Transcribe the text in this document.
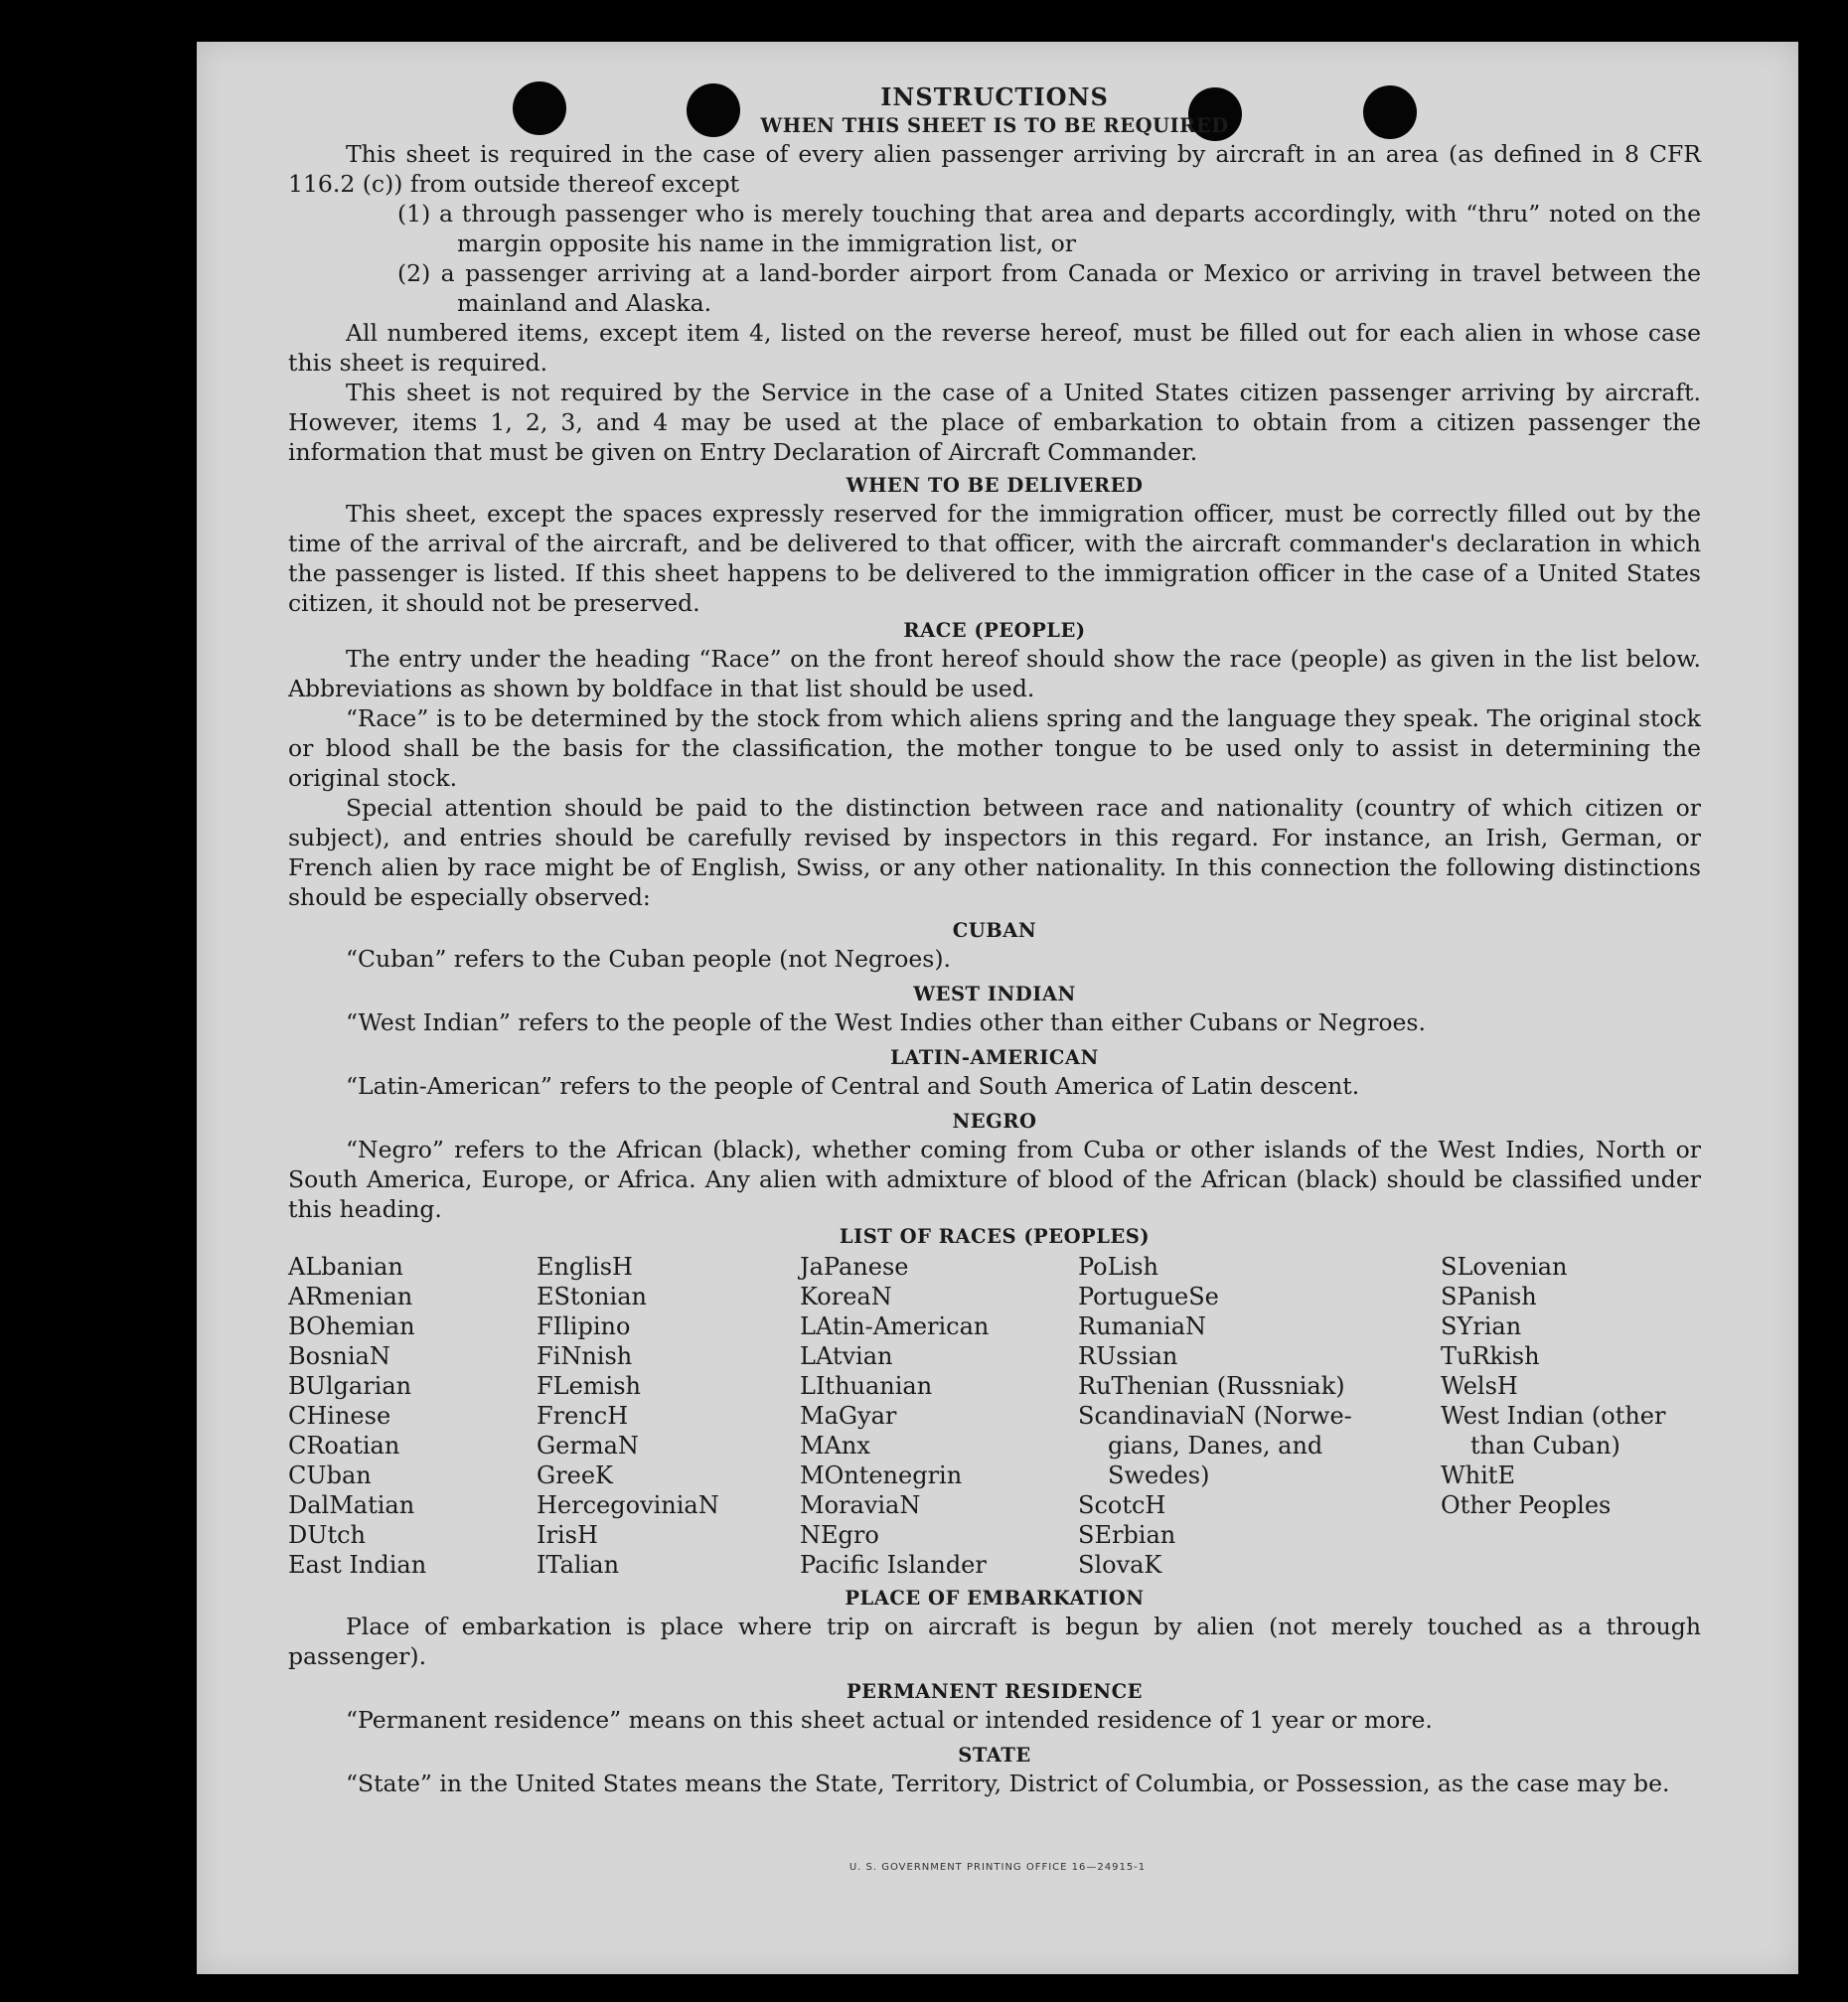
INSTRUCTIONS
WHEN THIS SHEET IS TO BE REQUIRED

This sheet is required in the case of every alien passenger arriving by aircraft in an area (as defined in 8 CFR 116.2 (c)) from outside thereof except

(1) a through passenger who is merely touching that area and departs accordingly, with “thru” noted on the margin opposite his name in the immigration list, or

(2) a passenger arriving at a land-border airport from Canada or Mexico or arriving in travel between the mainland and Alaska.

All numbered items, except item 4, listed on the reverse hereof, must be filled out for each alien in whose case this sheet is required.

This sheet is not required by the Service in the case of a United States citizen passenger arriving by aircraft. However, items 1, 2, 3, and 4 may be used at the place of embarkation to obtain from a citizen passenger the information that must be given on Entry Declaration of Aircraft Commander.

WHEN TO BE DELIVERED

This sheet, except the spaces expressly reserved for the immigration officer, must be correctly filled out by the time of the arrival of the aircraft, and be delivered to that officer, with the aircraft commander's declaration in which the passenger is listed. If this sheet happens to be delivered to the immigration officer in the case of a United States citizen, it should not be preserved.

RACE (PEOPLE)

The entry under the heading “Race” on the front hereof should show the race (people) as given in the list below. Abbreviations as shown by boldface in that list should be used.

“Race” is to be determined by the stock from which aliens spring and the language they speak. The original stock or blood shall be the basis for the classification, the mother tongue to be used only to assist in determining the original stock.

Special attention should be paid to the distinction between race and nationality (country of which citizen or subject), and entries should be carefully revised by inspectors in this regard. For instance, an Irish, German, or French alien by race might be of English, Swiss, or any other nationality. In this connection the following distinctions should be especially observed:

CUBAN

“Cuban” refers to the Cuban people (not Negroes).

WEST INDIAN

“West Indian” refers to the people of the West Indies other than either Cubans or Negroes.

LATIN-AMERICAN

“Latin-American” refers to the people of Central and South America of Latin descent.

NEGRO

“Negro” refers to the African (black), whether coming from Cuba or other islands of the West Indies, North or South America, Europe, or Africa. Any alien with admixture of blood of the African (black) should be classified under this heading.

LIST OF RACES (PEOPLES)
ALbanian
ARmenian
BOhemian
BosniaN
BUlgarian
CHinese
CRoatian
CUban
DalMatian
DUtch
East Indian
EnglisH
EStonian
FIlipino
FiNnish
FLemish
FrencH
GermaN
GreeK
HercegoviniaN
IrisH
ITalian
JaPanese
KoreaN
LAtin-American
LAtvian
LIthuanian
MaGyar
MAnx
MOntenegrin
MoraviaN
NEgro
Pacific Islander
PoLish
PortugueSe
RumaniaN
RUssian
RuThenian (Russniak)
ScandinaviaN (Norwe-
gians, Danes, and
Swedes)
ScotcH
SErbian
SlovaK
SLovenian
SPanish
SYrian
TuRkish
WelsH
West Indian (other
than Cuban)
WhitE
Other Peoples
PLACE OF EMBARKATION

Place of embarkation is place where trip on aircraft is begun by alien (not merely touched as a through passenger).

PERMANENT RESIDENCE

“Permanent residence” means on this sheet actual or intended residence of 1 year or more.

STATE

“State” in the United States means the State, Territory, District of Columbia, or Possession, as the case may be.

U. S. GOVERNMENT PRINTING OFFICE 16—24915-1
